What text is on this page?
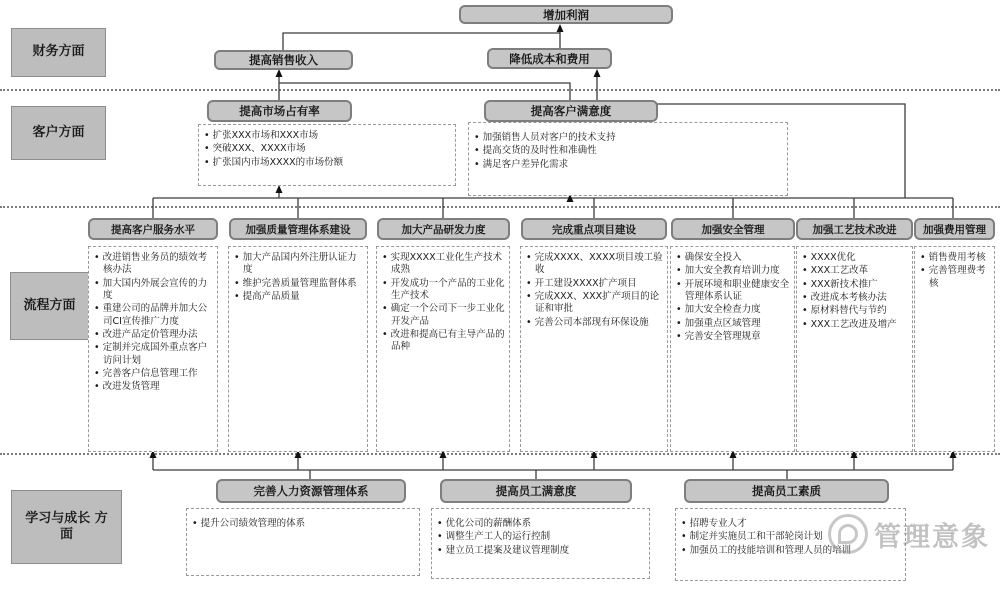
财务方面
客户方面
流程方面
学习与成长 方面
增加利润
提高销售收入	降低成本和费用
提高市场占有率
• 扩张XXX市场和XXX市场
• 突破XXX、XXXX市场
• 扩张国内市场XXXX的市场份额
提高客户满意度
• 加强销售人员对客户的技术支持
• 提高交货的及时性和准确性
• 满足客户差异化需求
提高客户服务水平	加强质量管理体系建设	加大产品研发力度	完成重点项目建设	加强安全管理	加强工艺技术改进	加强费用管理
• 改进销售业务员的绩效考核办法
• 加大国内外展会宣传的力度
• 重建公司的品牌并加大公司CI宣传推广力度
• 改进产品定价管理办法
• 定制并完成国外重点客户访问计划
• 完善客户信息管理工作
• 改进发货管理
• 加大产品国内外注册认证力度
• 维护完善质量管理监督体系
• 提高产品质量
• 实现XXXX工业化生产技术成熟
• 开发成功一个产品的工业化生产技术
• 确定一个公司下一步工业化开发产品
• 改进和提高已有主导产品的品种
• 完成XXXX、XXXX项目竣工验收
• 开工建设XXXX扩产项目
• 完成XXX、XXX扩产项目的论证和审批
• 完善公司本部现有环保设施
• 确保安全投入
• 加大安全教育培训力度
• 开展环境和职业健康安全管理体系认证
• 加大安全检查力度
• 加强重点区域管理
• 完善安全管理规章
• XXXX优化
• XXX工艺改革
• XXX新技术推广
• 改进成本考核办法
• 原材料替代与节约
• XXX工艺改进及增产
• 销售费用考核
• 完善管理费考核
完善人力资源管理体系
• 提升公司绩效管理的体系
提高员工满意度
• 优化公司的薪酬体系
• 调整生产工人的运行控制
• 建立员工提案及建议管理制度
提高员工素质
• 招聘专业人才
• 制定并实施员工和干部轮岗计划
• 加强员工的技能培训和管理人员的培训 管理意象
